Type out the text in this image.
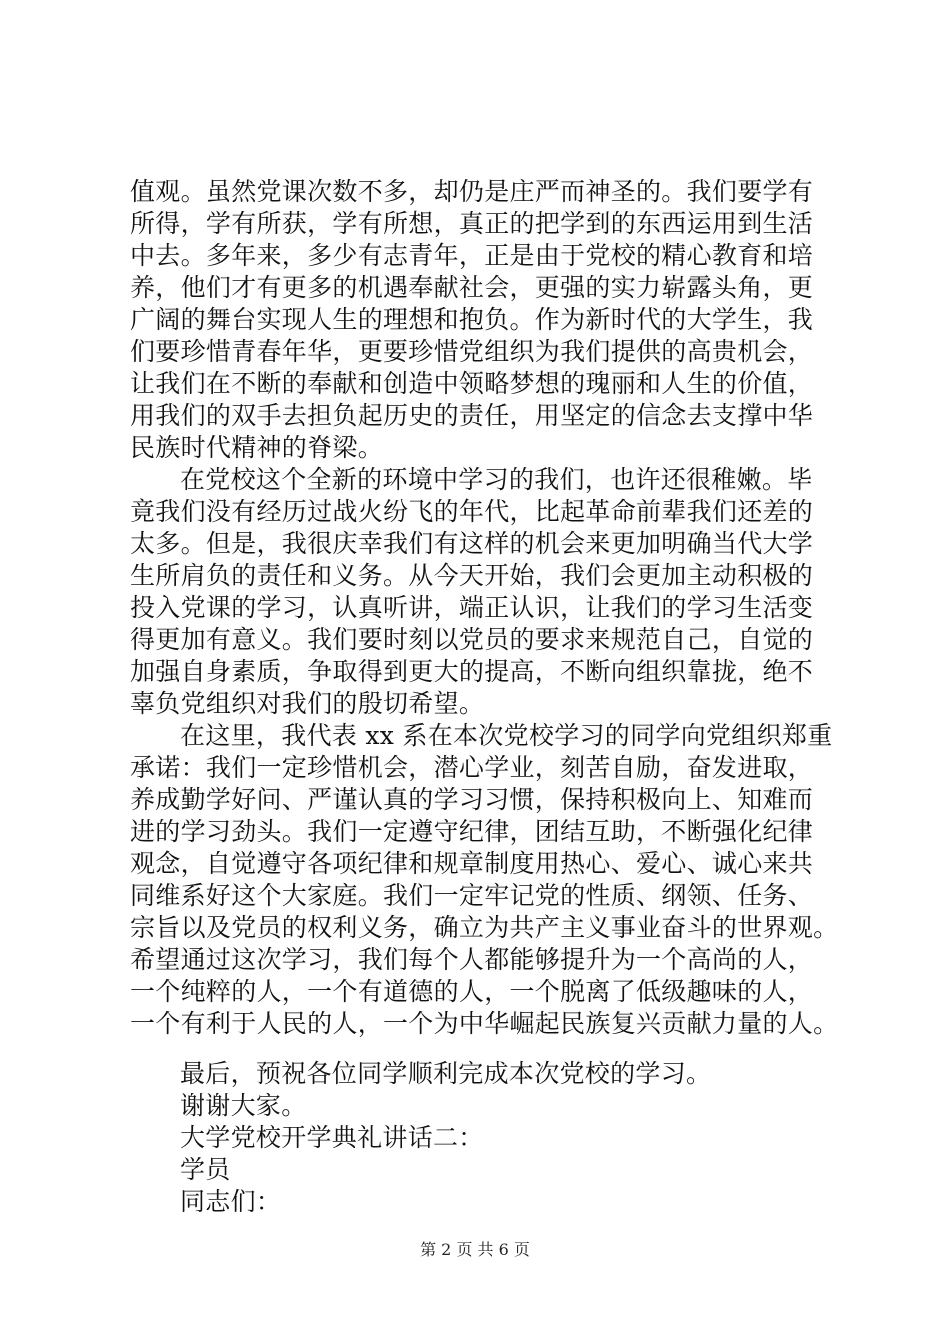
值观。虽然党课次数不多，却仍是庄严而神圣的。我们要学有
所得，学有所获，学有所想，真正的把学到的东西运用到生活
中去。多年来，多少有志青年，正是由于党校的精心教育和培
养，他们才有更多的机遇奉献社会，更强的实力崭露头角，更
广阔的舞台实现人生的理想和抱负。作为新时代的大学生，我
们要珍惜青春年华，更要珍惜党组织为我们提供的高贵机会，
让我们在不断的奉献和创造中领略梦想的瑰丽和人生的价值，
用我们的双手去担负起历史的责任，用坚定的信念去支撑中华
民族时代精神的脊梁。
在党校这个全新的环境中学习的我们，也许还很稚嫩。毕
竟我们没有经历过战火纷飞的年代，比起革命前辈我们还差的
太多。但是，我很庆幸我们有这样的机会来更加明确当代大学
生所肩负的责任和义务。从今天开始，我们会更加主动积极的
投入党课的学习，认真听讲，端正认识，让我们的学习生活变
得更加有意义。我们要时刻以党员的要求来规范自己，自觉的
加强自身素质，争取得到更大的提高，不断向组织靠拢，绝不
辜负党组织对我们的殷切希望。
在这里，我代表 xx 系在本次党校学习的同学向党组织郑重
承诺：我们一定珍惜机会，潜心学业，刻苦自励，奋发进取，
养成勤学好问、严谨认真的学习习惯，保持积极向上、知难而
进的学习劲头。我们一定遵守纪律，团结互助，不断强化纪律
观念，自觉遵守各项纪律和规章制度用热心、爱心、诚心来共
同维系好这个大家庭。我们一定牢记党的性质、纲领、任务、
宗旨以及党员的权利义务，确立为共产主义事业奋斗的世界观。
希望通过这次学习，我们每个人都能够提升为一个高尚的人，
一个纯粹的人，一个有道德的人，一个脱离了低级趣味的人，
一个有利于人民的人，一个为中华崛起民族复兴贡献力量的人。
最后，预祝各位同学顺利完成本次党校的学习。
谢谢大家。
大学党校开学典礼讲话二：
学员
同志们：
第 2 页 共 6 页
